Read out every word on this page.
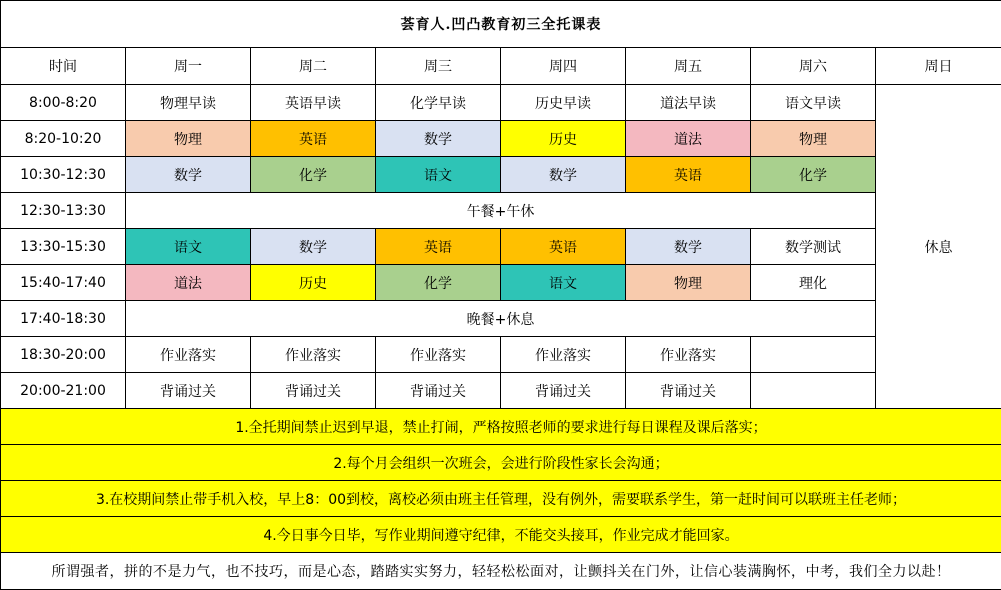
荟育人.凹凸教育初三全托课表							
时间	周一	周二	周三	周四	周五	周六	周日
8:00-8:20	物理早读	英语早读	化学早读	历史早读	道法早读	语文早读	休息
8:20-10:20	物理	英语	数学	历史	道法	物理	
10:30-12:30	数学	化学	语文	数学	英语	化学	
12:30-13:30	午餐+午休						
13:30-15:30	语文	数学	英语	英语	数学	数学测试	
15:40-17:40	道法	历史	化学	语文	物理	理化	
17:40-18:30	晚餐+休息						
18:30-20:00	作业落实	作业落实	作业落实	作业落实	作业落实		
20:00-21:00	背诵过关	背诵过关	背诵过关	背诵过关	背诵过关		
1.全托期间禁止迟到早退，禁止打闹，严格按照老师的要求进行每日课程及课后落实；							
2.每个月会组织一次班会，会进行阶段性家长会沟通；							
3.在校期间禁止带手机入校，早上8：00到校，离校必须由班主任管理，没有例外，需要联系学生，第一赶时间可以联班主任老师；							
4.今日事今日毕，写作业期间遵守纪律，不能交头接耳，作业完成才能回家。							
所谓强者，拼的不是力气，也不技巧，而是心态，踏踏实实努力，轻轻松松面对，让颤抖关在门外，让信心装满胸怀，中考，我们全力以赴！							
